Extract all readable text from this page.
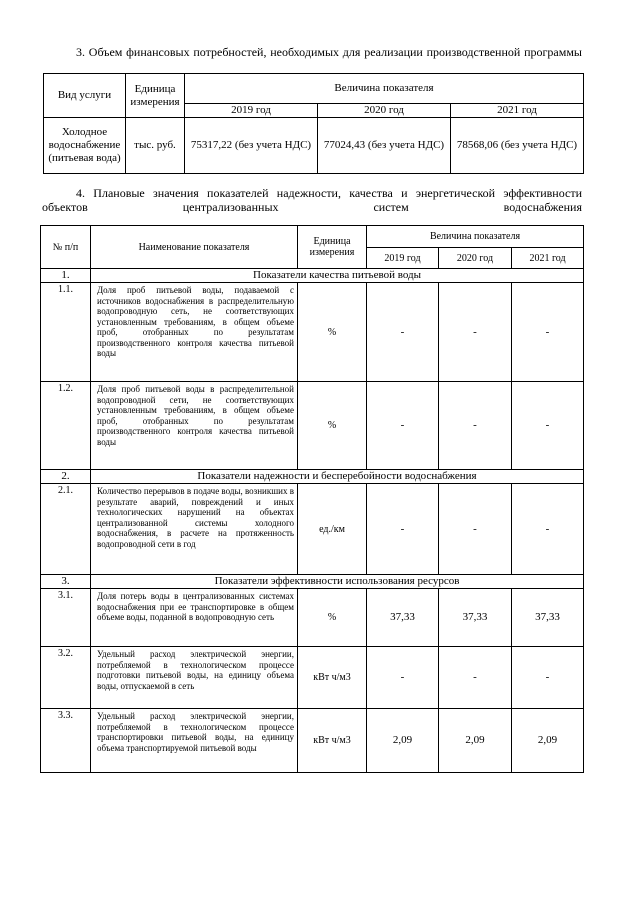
3. Объем финансовых потребностей, необходимых для реализации производственной программы
Вид услуги	Единица измерения	Величина показателя		
		2019 год	2020 год	2021 год
Холодное водоснабжение (питьевая вода)	тыс. руб.	75317,22 (без учета НДС)	77024,43 (без учета НДС)	78568,06 (без учета НДС)
4. Плановые значения показателей надежности, качества и энергетической эффективности объектов централизованных систем водоснабжения
№ п/п	Наименование показателя	Единица измерения	Величина показателя		
			2019 год	2020 год	2021 год
1.	Показатели качества питьевой воды				
1.1.	Доля проб питьевой воды, подаваемой с источников водоснабжения в распределительную водопроводную сеть, не соответствующих установленным требованиям, в общем объеме проб, отобранных по результатам производственного контроля качества питьевой воды	%	-	-	-
1.2.	Доля проб питьевой воды в распределительной водопроводной сети, не соответствующих установленным требованиям, в общем объеме проб, отобранных по результатам производственного контроля качества питьевой воды	%	-	-	-
2.	Показатели надежности и бесперебойности водоснабжения				
2.1.	Количество перерывов в подаче воды, возникших в результате аварий, повреждений и иных технологических нарушений на объектах централизованной системы холодного водоснабжения, в расчете на протяженность водопроводной сети в год	ед./км	-	-	-
3.	Показатели эффективности использования ресурсов				
3.1.	Доля потерь воды в централизованных системах водоснабжения при ее транспортировке в общем объеме воды, поданной в водопроводную сеть	%	37,33	37,33	37,33
3.2.	Удельный расход электрической энергии, потребляемой в технологическом процессе подготовки питьевой воды, на единицу объема воды, отпускаемой в сеть	кВт ч/м3	-	-	-
3.3.	Удельный расход электрической энергии, потребляемой в технологическом процессе транспортировки питьевой воды, на единицу объема транспортируемой питьевой воды	кВт ч/м3	2,09	2,09	2,09
